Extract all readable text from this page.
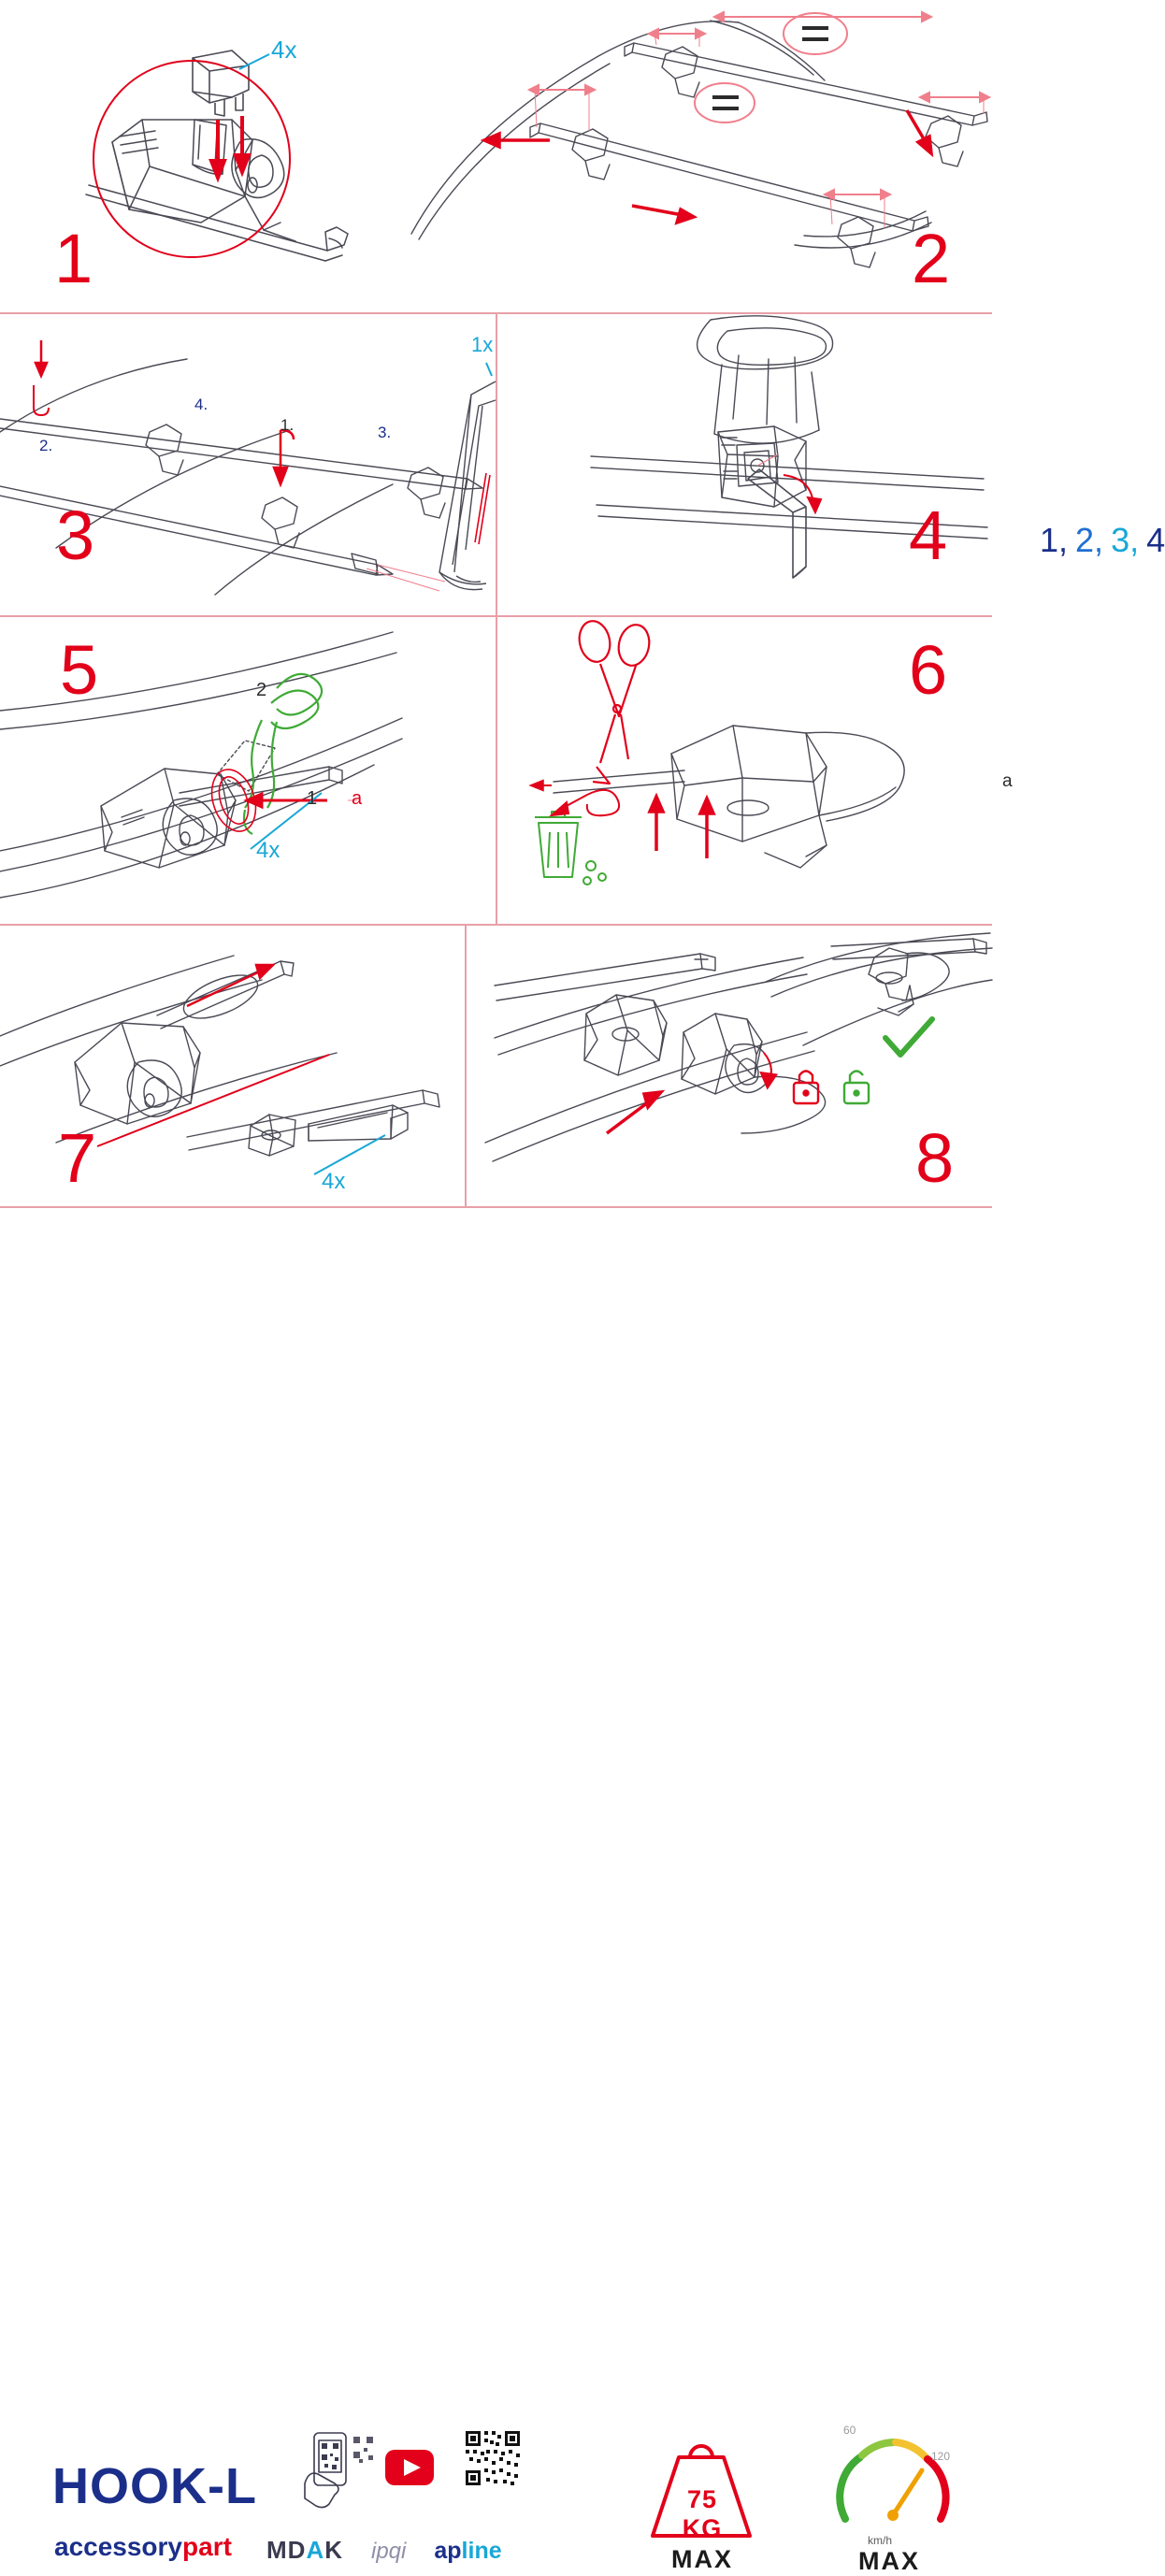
1
4x
2
3
1.
2.
3.
4.
1x
4	1, 2, 3, 4
5
1
2
a
4x
6
a
7	4x	8
HOOK-L
accessorypart MDAK ipqi apline
75 KG
MAX
60
120
km/h
MAX
